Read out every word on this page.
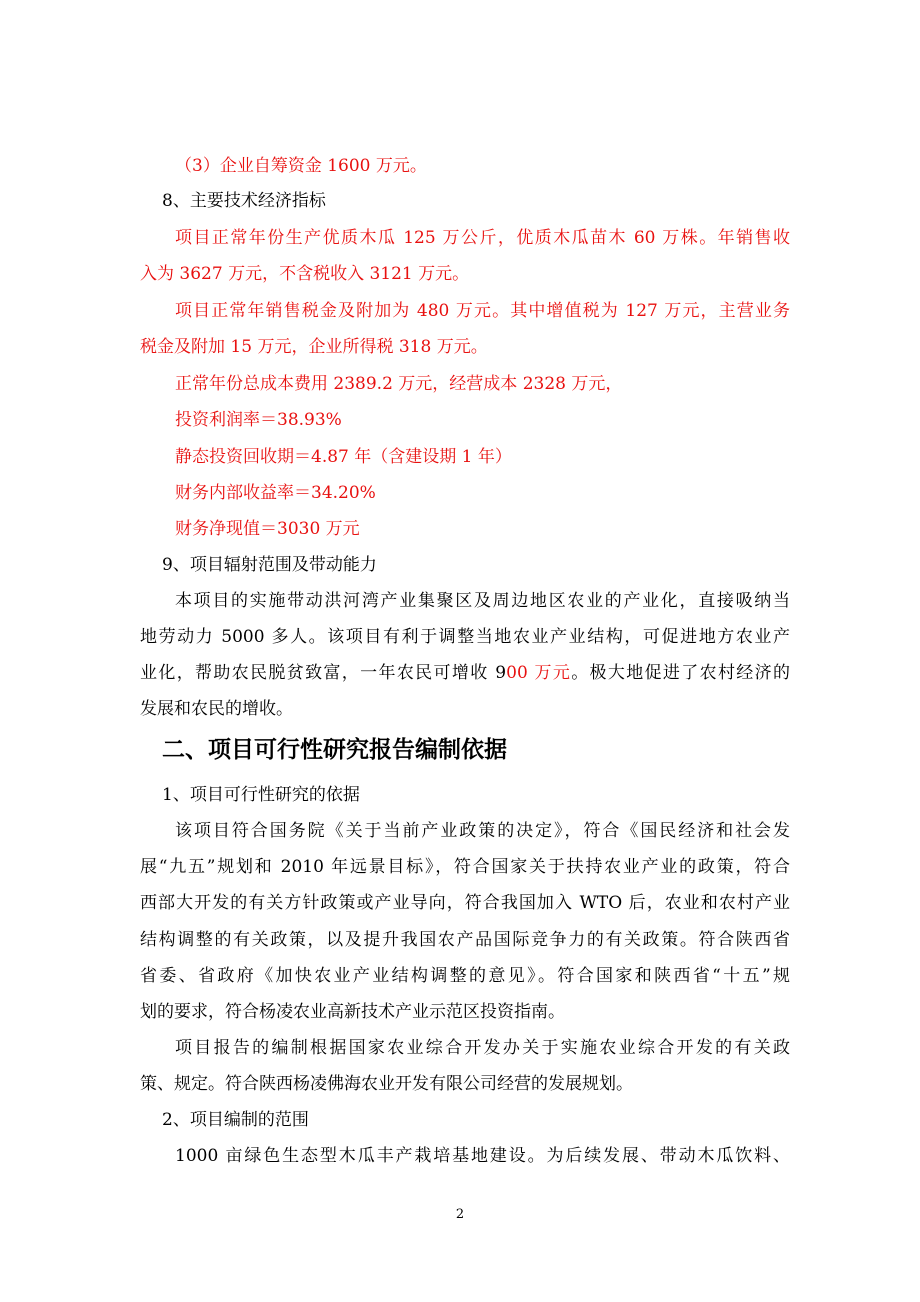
（3）企业自筹资金 1600 万元。
8、主要技术经济指标
项目正常年份生产优质木瓜 125 万公斤，优质木瓜苗木 60 万株。年销售收
入为 3627 万元，不含税收入 3121 万元。
项目正常年销售税金及附加为 480 万元。其中增值税为 127 万元，主营业务
税金及附加 15 万元，企业所得税 318 万元。
正常年份总成本费用 2389.2 万元，经营成本 2328 万元，
投资利润率＝38.93%
静态投资回收期＝4.87 年（含建设期 1 年）
财务内部收益率＝34.20%
财务净现值＝3030 万元
9、项目辐射范围及带动能力
本项目的实施带动洪河湾产业集聚区及周边地区农业的产业化，直接吸纳当
地劳动力 5000 多人。该项目有利于调整当地农业产业结构，可促进地方农业产
业化，帮助农民脱贫致富，一年农民可增收 900 万元。极大地促进了农村经济的
发展和农民的增收。
二、项目可行性研究报告编制依据
1、项目可行性研究的依据
该项目符合国务院《关于当前产业政策的决定》，符合《国民经济和社会发
展“九五”规划和 2010 年远景目标》，符合国家关于扶持农业产业的政策，符合
西部大开发的有关方针政策或产业导向，符合我国加入 WTO 后，农业和农村产业
结构调整的有关政策，以及提升我国农产品国际竞争力的有关政策。符合陕西省
省委、省政府《加快农业产业结构调整的意见》。符合国家和陕西省“十五”规
划的要求，符合杨凌农业高新技术产业示范区投资指南。
项目报告的编制根据国家农业综合开发办关于实施农业综合开发的有关政
策、规定。符合陕西杨凌佛海农业开发有限公司经营的发展规划。
2、项目编制的范围
1000 亩绿色生态型木瓜丰产栽培基地建设。为后续发展、带动木瓜饮料、
2
